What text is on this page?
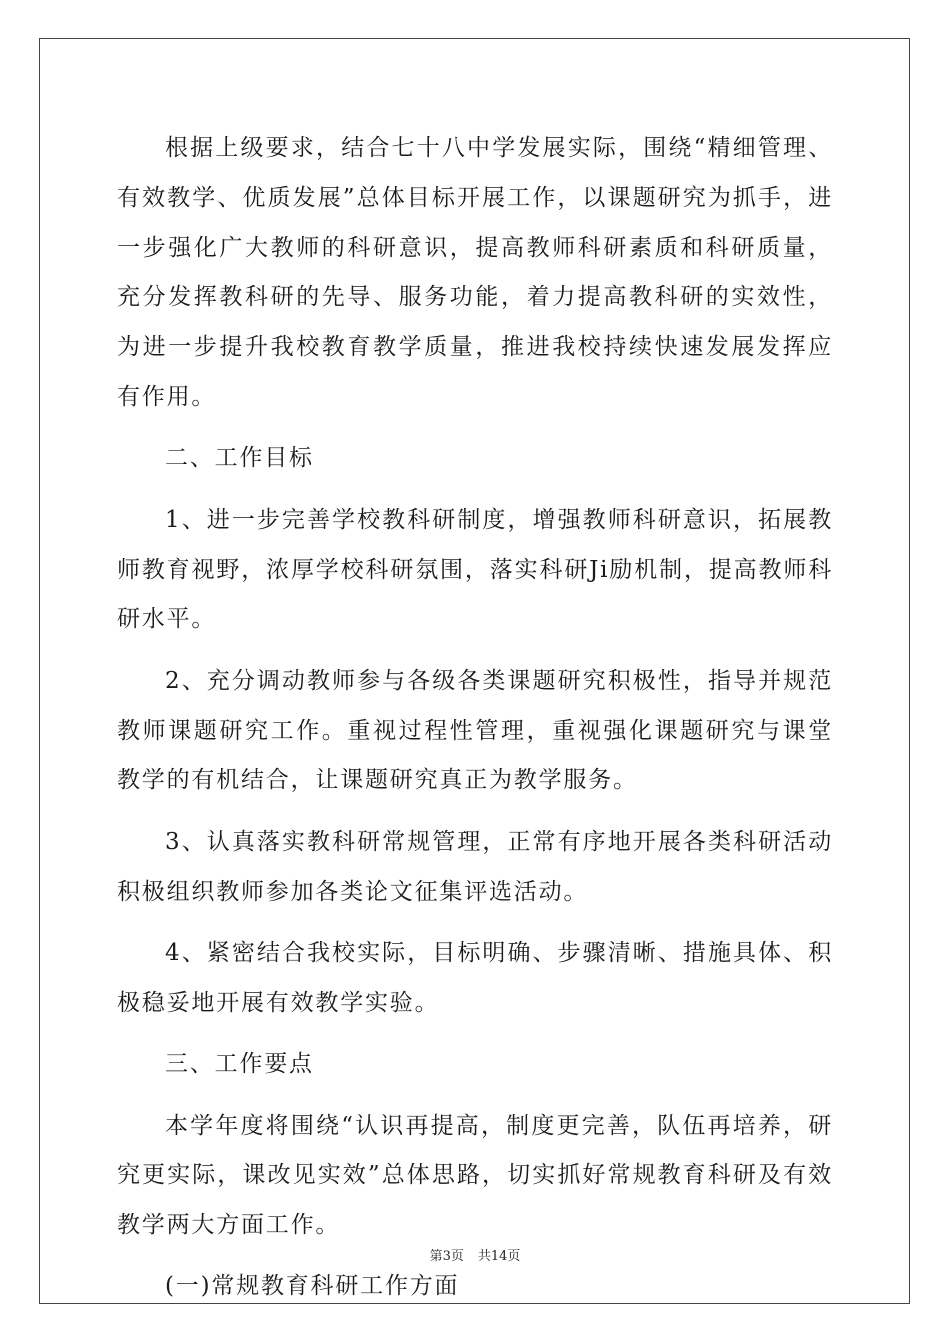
根据上级要求，结合七十八中学发展实际，围绕“精细管理、有效教学、优质发展”总体目标开展工作，以课题研究为抓手，进一步强化广大教师的科研意识，提高教师科研素质和科研质量，充分发挥教科研的先导、服务功能，着力提高教科研的实效性，为进一步提升我校教育教学质量，推进我校持续快速发展发挥应有作用。

二、工作目标

1、进一步完善学校教科研制度，增强教师科研意识，拓展教师教育视野，浓厚学校科研氛围，落实科研Ji励机制，提高教师科研水平。

2、充分调动教师参与各级各类课题研究积极性，指导并规范教师课题研究工作。重视过程性管理，重视强化课题研究与课堂教学的有机结合，让课题研究真正为教学服务。

3、认真落实教科研常规管理，正常有序地开展各类科研活动积极组织教师参加各类论文征集评选活动。

4、紧密结合我校实际，目标明确、步骤清晰、措施具体、积极稳妥地开展有效教学实验。

三、工作要点

本学年度将围绕“认识再提高，制度更完善，队伍再培养，研究更实际，课改见实效”总体思路，切实抓好常规教育科研及有效教学两大方面工作。

(一)常规教育科研工作方面

第3页 共14页
